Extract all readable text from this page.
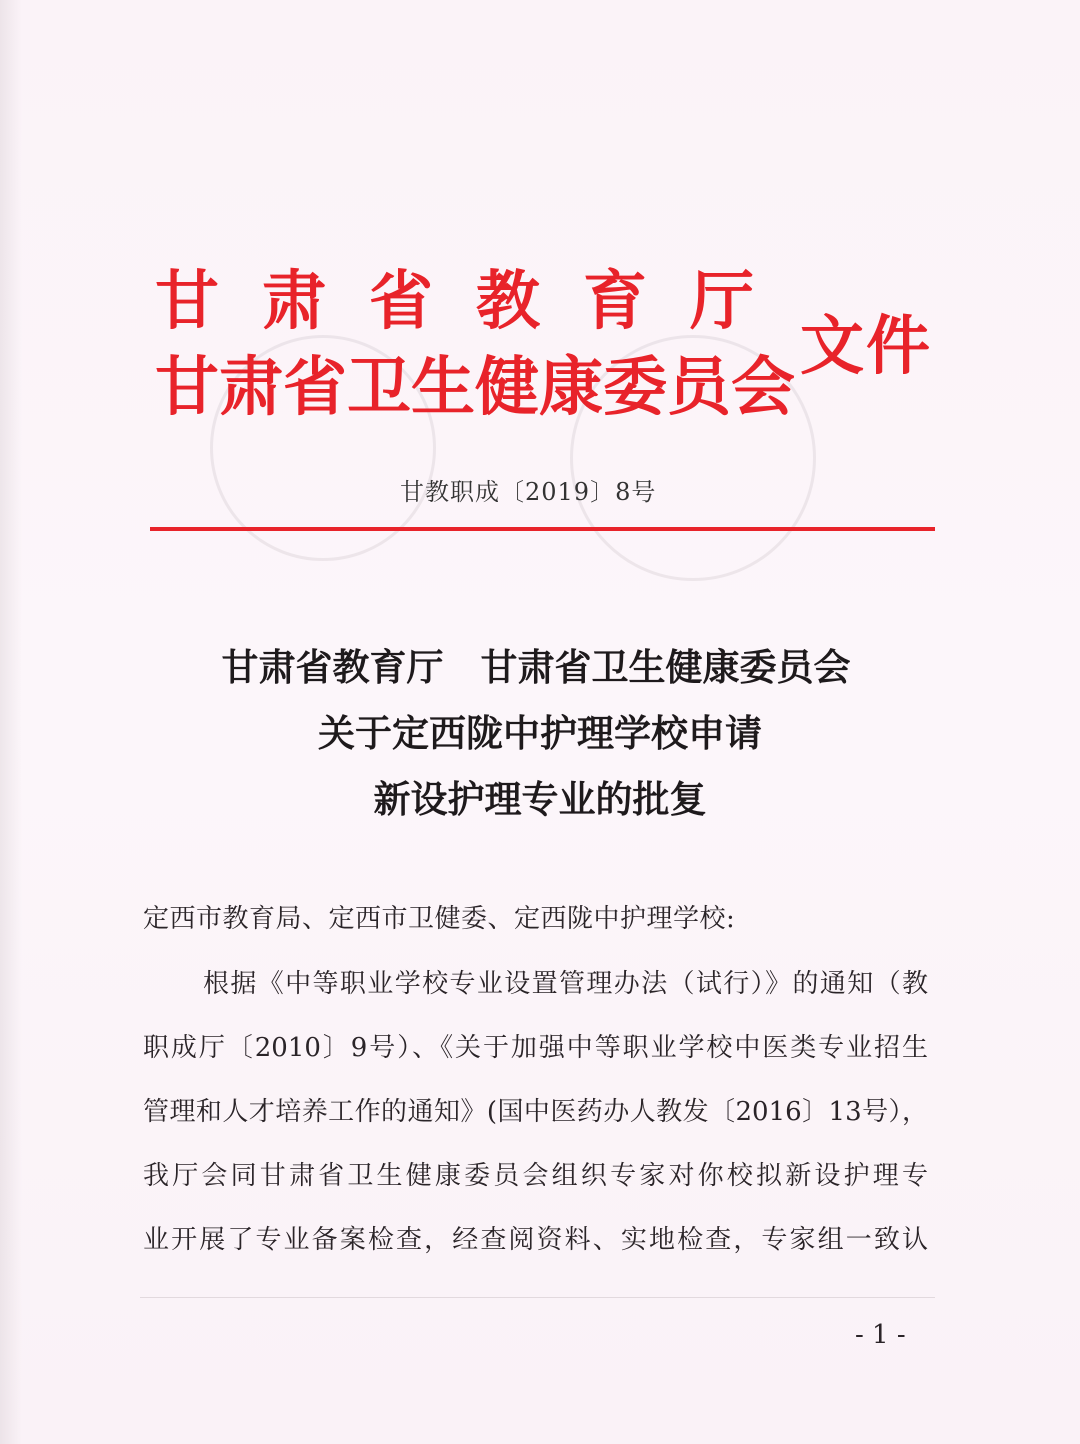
甘肃省教育厅
甘肃省卫生健康委员会
文件
甘教职成〔2019〕8号
甘肃省教育厅　甘肃省卫生健康委员会
关于定西陇中护理学校申请
新设护理专业的批复
定西市教育局、定西市卫健委、定西陇中护理学校:
根据《中等职业学校专业设置管理办法（试行）》的通知（教
职成厅〔2010〕9号）、《关于加强中等职业学校中医类专业招生
管理和人才培养工作的通知》(国中医药办人教发〔2016〕13号），
我厅会同甘肃省卫生健康委员会组织专家对你校拟新设护理专
业开展了专业备案检查，经查阅资料、实地检查，专家组一致认
- 1 -
